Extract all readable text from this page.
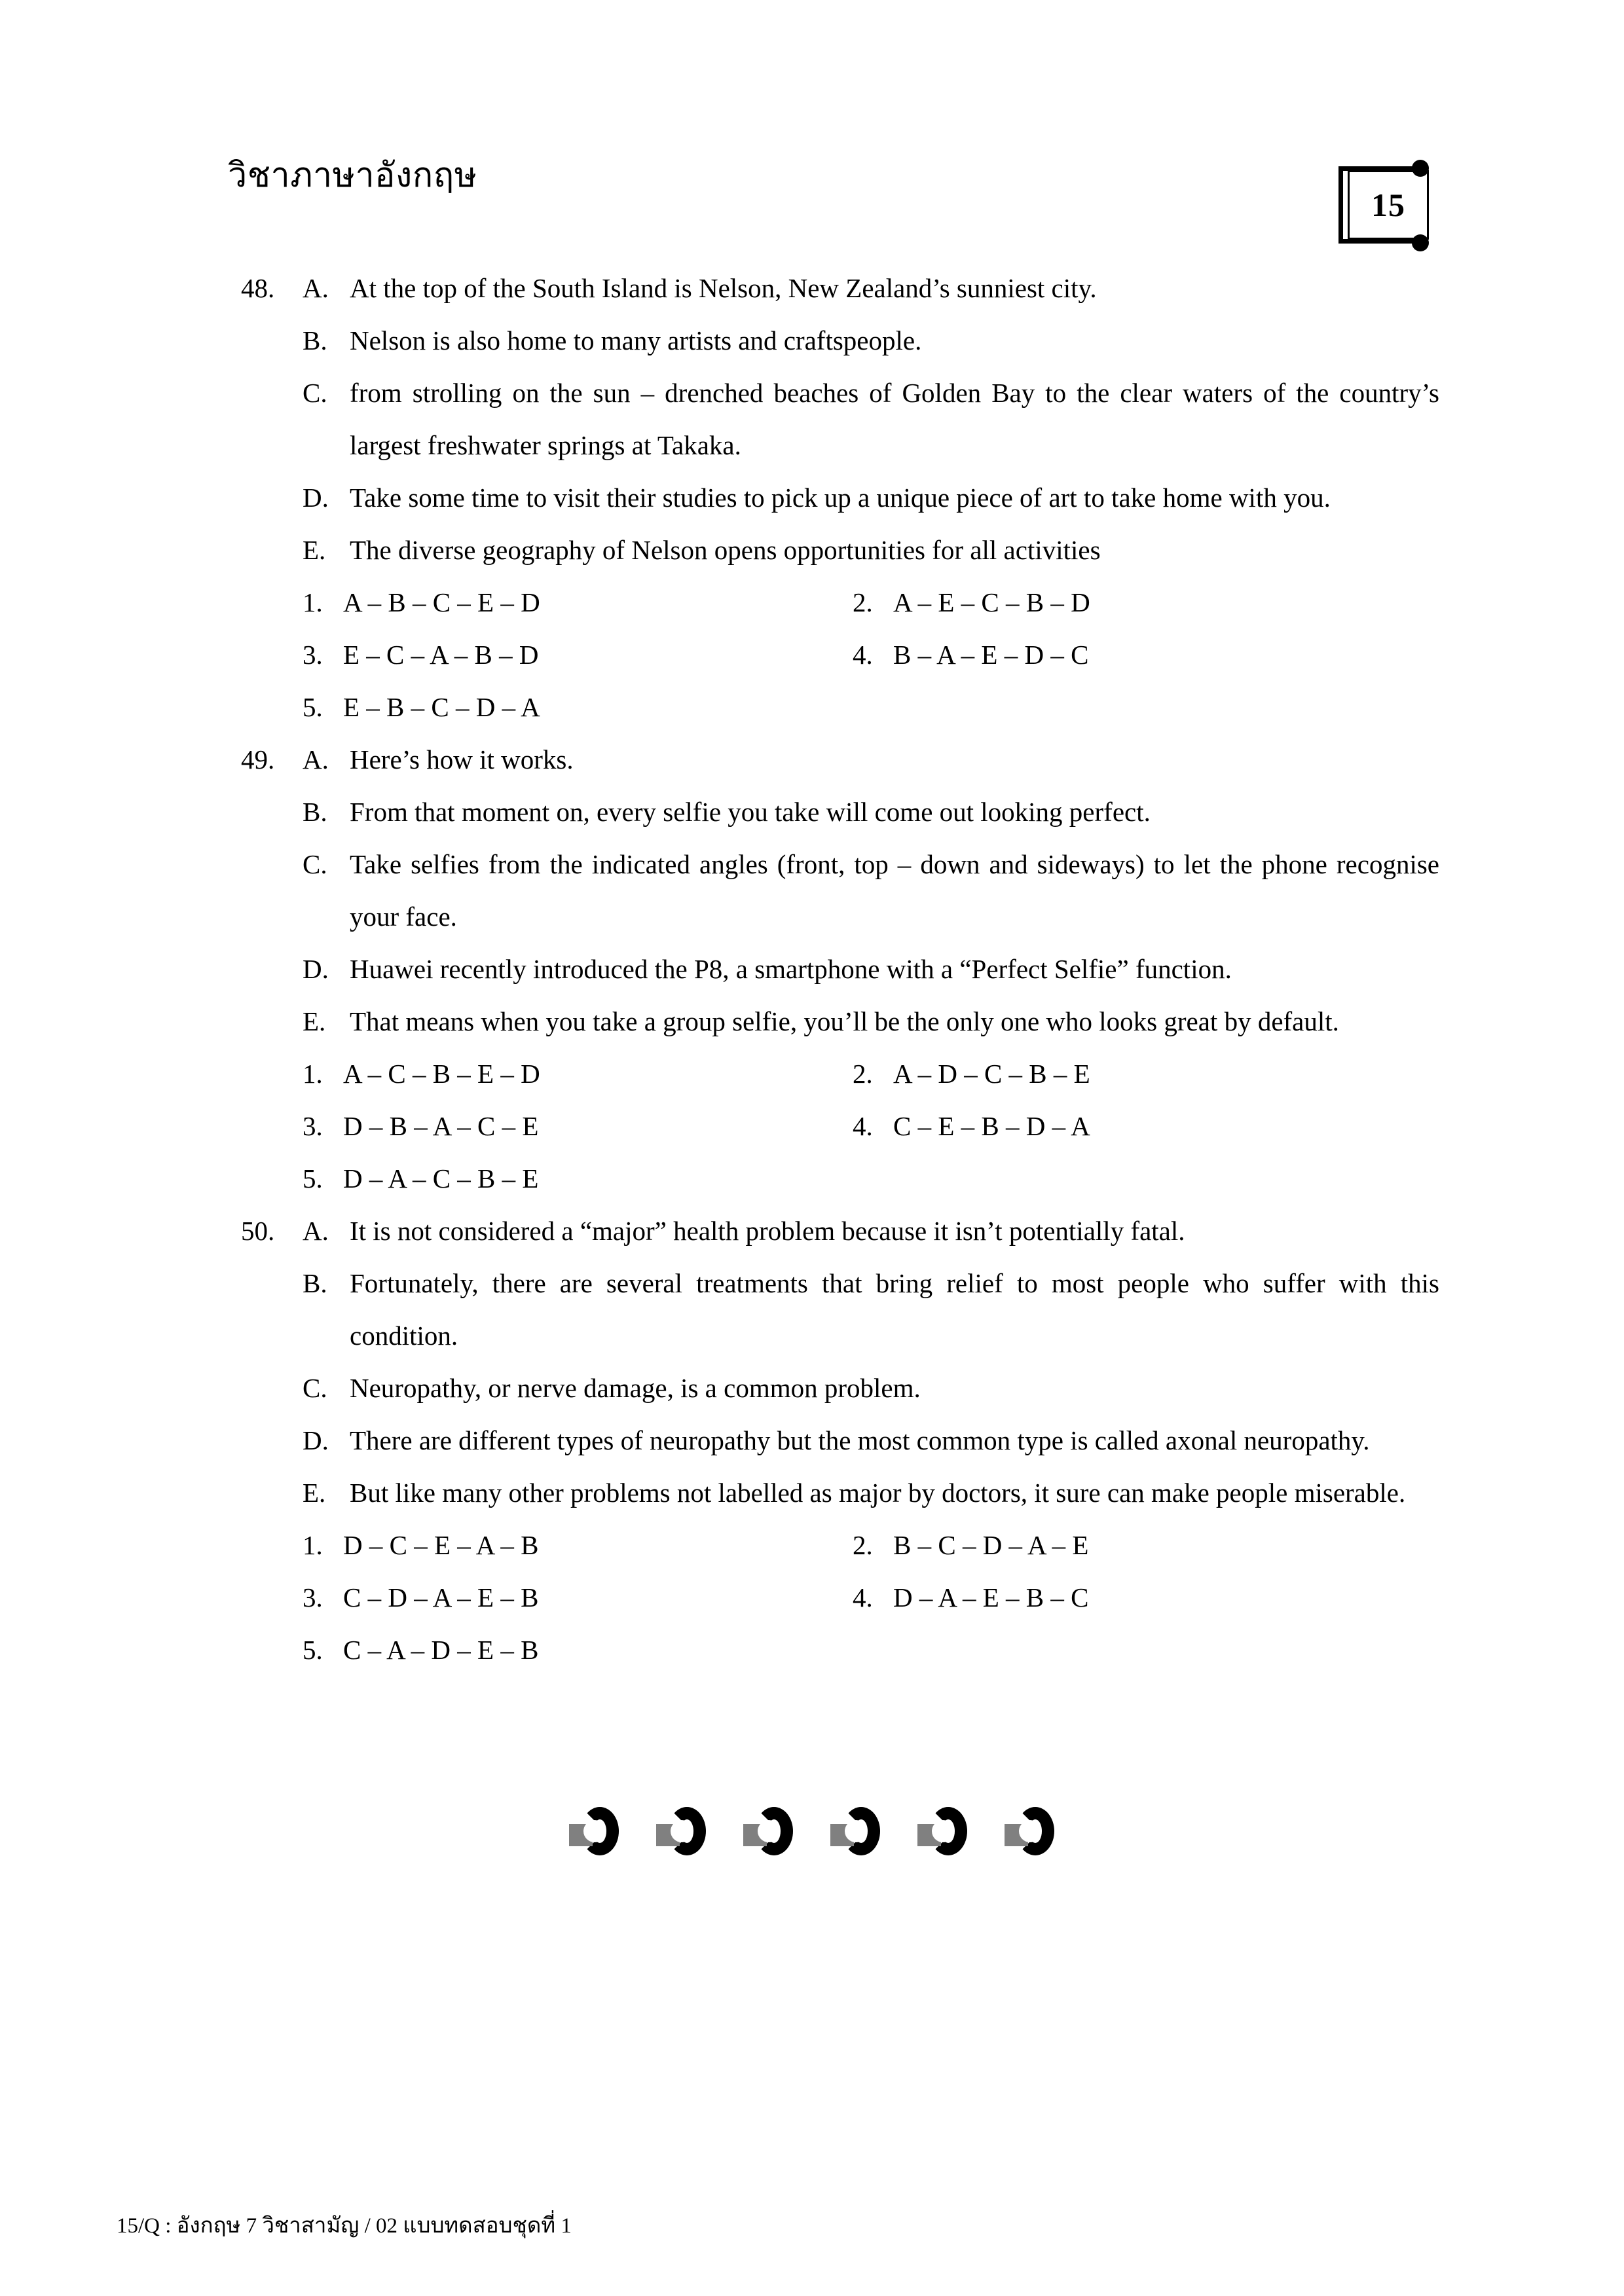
วิชาภาษาอังกฤษ
15
48.	A. At the top of the South Island is Nelson, New Zealand’s sunniest city.
B. Nelson is also home to many artists and craftspeople.
C. from strolling on the sun – drenched beaches of Golden Bay to the clear waters of the country’s largest freshwater springs at Takaka.
D. Take some time to visit their studies to pick up a unique piece of art to take home with you.
E. The diverse geography of Nelson opens opportunities for all activities
1. A – B – C – E – D	2. A – E – C – B – D
3. E – C – A – B – D	4. B – A – E – D – C
5. E – B – C – D – A
49.	A. Here’s how it works.
B. From that moment on, every selfie you take will come out looking perfect.
C. Take selfies from the indicated angles (front, top – down and sideways) to let the phone recognise your face.
D. Huawei recently introduced the P8, a smartphone with a “Perfect Selfie” function.
E. That means when you take a group selfie, you’ll be the only one who looks great by default.
1. A – C – B – E – D	2. A – D – C – B – E
3. D – B – A – C – E	4. C – E – B – D – A
5. D – A – C – B – E
50.	A. It is not considered a “major” health problem because it isn’t potentially fatal.
B. Fortunately, there are several treatments that bring relief to most people who suffer with this condition.
C. Neuropathy, or nerve damage, is a common problem.
D. There are different types of neuropathy but the most common type is called axonal neuropathy.
E. But like many other problems not labelled as major by doctors, it sure can make people miserable.
1. D – C – E – A – B	2. B – C – D – A – E
3. C – D – A – E – B	4. D – A – E – B – C
5. C – A – D – E – B
15/Q : อังกฤษ 7 วิชาสามัญ / 02 แบบทดสอบชุดที่ 1
